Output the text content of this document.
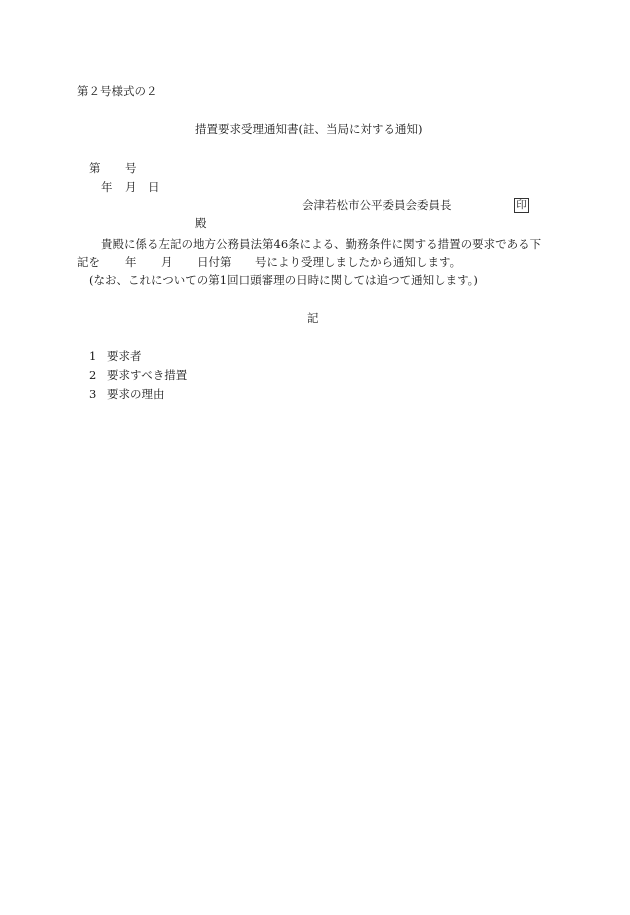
第２号様式の２
措置要求受理通知書(註、当局に対する通知)
第 号
年 月 日
会津若松市公平委員会委員長	印
殿
貴殿に係る左記の地方公務員法第46条による、勤務条件に関する措置の要求である下
記を 年 月 日付第 号により受理しましたから通知します。
(なお、これについての第1回口頭審理の日時に関しては追つて通知します。)
記
1 要求者
2 要求すべき措置
3 要求の理由
